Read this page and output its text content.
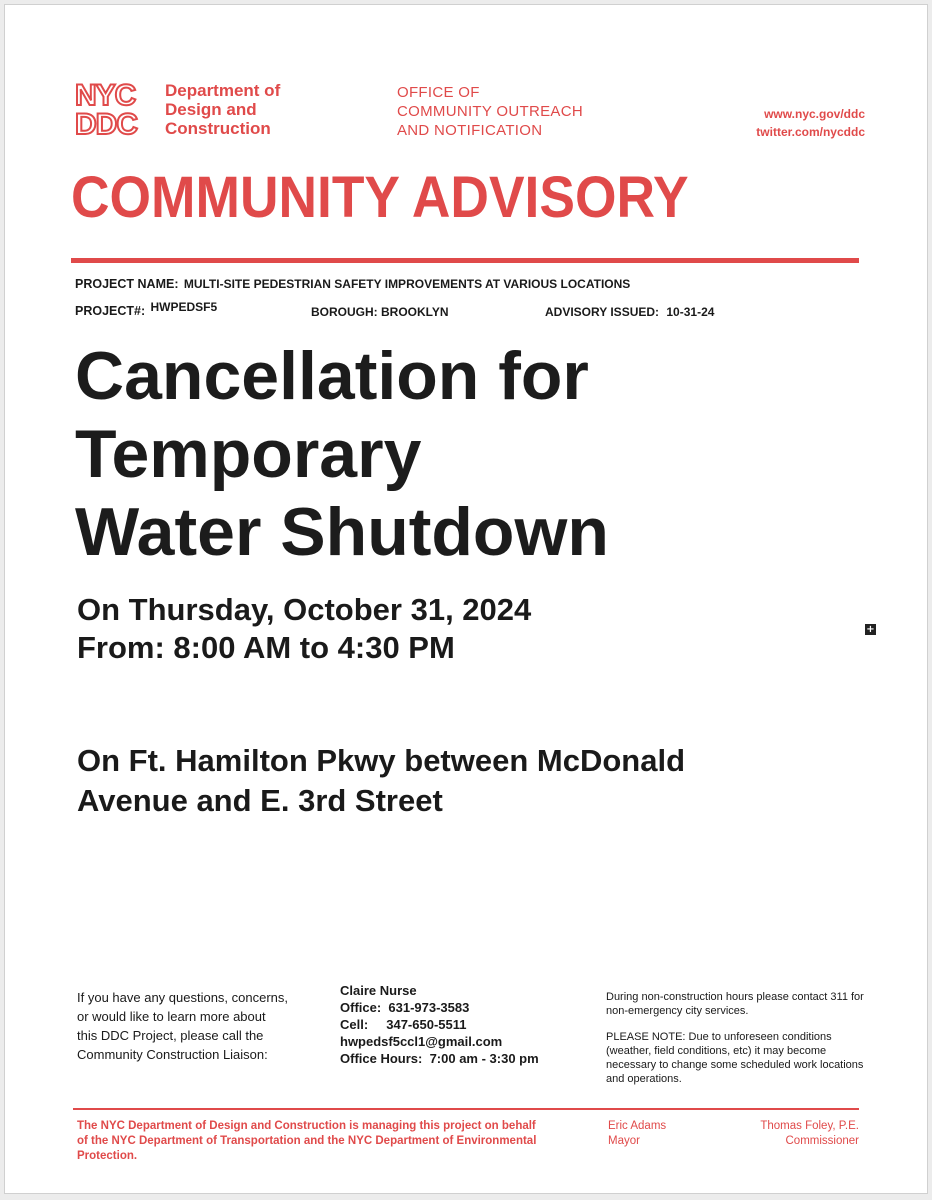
NYC
DDC
Department of
Design and
Construction
OFFICE OF
COMMUNITY OUTREACH
AND NOTIFICATION
www.nyc.gov/ddc
twitter.com/nycddc
COMMUNITY ADVISORY
PROJECT NAME: MULTI-SITE PEDESTRIAN SAFETY IMPROVEMENTS AT VARIOUS LOCATIONS
PROJECT#: HWPEDSF5	BOROUGH: BROOKLYN	ADVISORY ISSUED: 10-31-24
Cancellation for
Temporary
Water Shutdown
On Thursday, October 31, 2024
From: 8:00 AM to 4:30 PM
+
On Ft. Hamilton Pkwy between McDonald
Avenue and E. 3rd Street
If you have any questions, concerns,
or would like to learn more about
this DDC Project, please call the
Community Construction Liaison:
Claire Nurse
Office:  631-973-3583
Cell:     347-650-5511
hwpedsf5ccl1@gmail.com
Office Hours:  7:00 am - 3:30 pm

During non-construction hours please contact 311 for non-emergency city services.

PLEASE NOTE: Due to unforeseen conditions (weather, field conditions, etc) it may become necessary to change some scheduled work locations and operations.

The NYC Department of Design and Construction is managing this project on behalf of the NYC Department of Transportation and the NYC Department of Environmental Protection.
Eric Adams
Mayor
Thomas Foley, P.E.
Commissioner
